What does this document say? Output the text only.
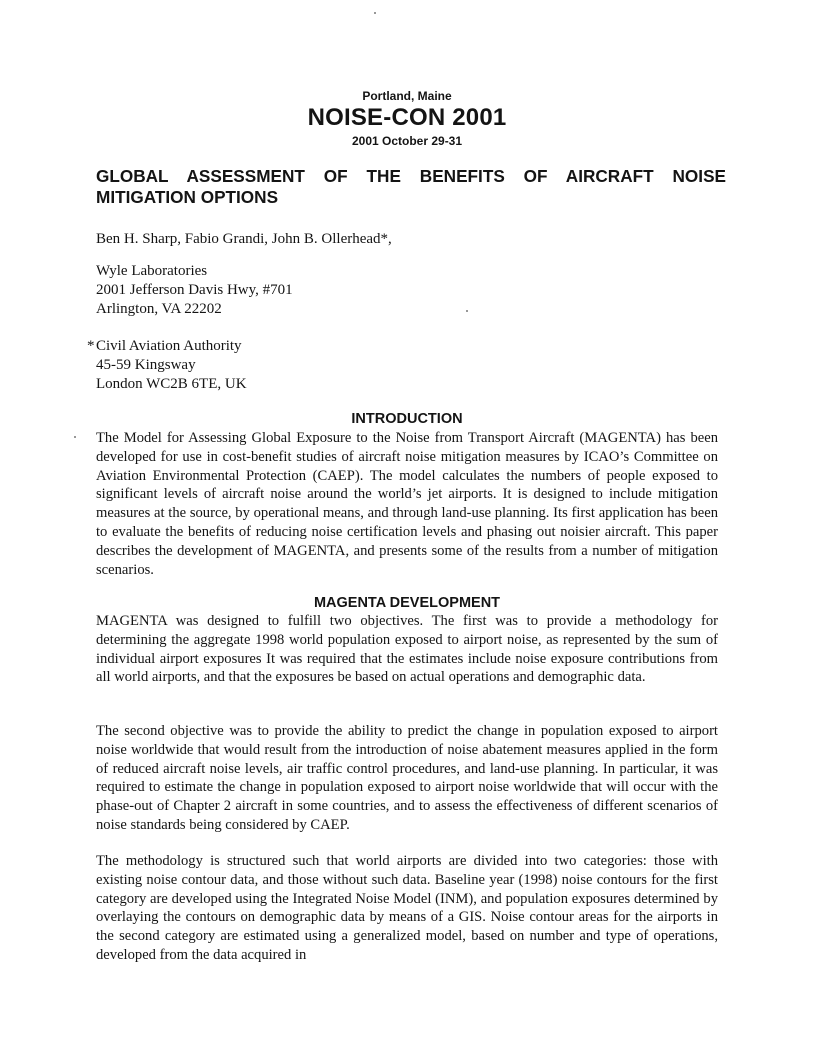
Portland, Maine
NOISE-CON 2001
2001 October 29-31
GLOBAL ASSESSMENT OF THE BENEFITS OF AIRCRAFT NOISE MITIGATION OPTIONS
Ben H. Sharp, Fabio Grandi, John B. Ollerhead*,
Wyle Laboratories
2001 Jefferson Davis Hwy, #701
Arlington, VA 22202
* Civil Aviation Authority
45-59 Kingsway
London WC2B 6TE, UK
INTRODUCTION

The Model for Assessing Global Exposure to the Noise from Transport Aircraft (MAGENTA) has been developed for use in cost-benefit studies of aircraft noise mitigation measures by ICAO’s Committee on Aviation Environmental Protection (CAEP). The model calculates the numbers of people exposed to significant levels of aircraft noise around the world’s jet airports. It is designed to include mitigation measures at the source, by operational means, and through land-use planning. Its first application has been to evaluate the benefits of reducing noise certification levels and phasing out noisier aircraft. This paper describes the development of MAGENTA, and presents some of the results from a number of mitigation scenarios.

MAGENTA DEVELOPMENT

MAGENTA was designed to fulfill two objectives. The first was to provide a methodology for determining the aggregate 1998 world population exposed to airport noise, as represented by the sum of individual airport exposures It was required that the estimates include noise exposure contributions from all world airports, and that the exposures be based on actual operations and demographic data.

The second objective was to provide the ability to predict the change in population exposed to airport noise worldwide that would result from the introduction of noise abatement measures applied in the form of reduced aircraft noise levels, air traffic control procedures, and land-use planning. In particular, it was required to estimate the change in population exposed to airport noise worldwide that will occur with the phase-out of Chapter 2 aircraft in some countries, and to assess the effectiveness of different scenarios of noise standards being considered by CAEP.

The methodology is structured such that world airports are divided into two categories: those with existing noise contour data, and those without such data. Baseline year (1998) noise contours for the first category are developed using the Integrated Noise Model (INM), and population exposures determined by overlaying the contours on demographic data by means of a GIS. Noise contour areas for the airports in the second category are estimated using a generalized model, based on number and type of operations, developed from the data acquired in
